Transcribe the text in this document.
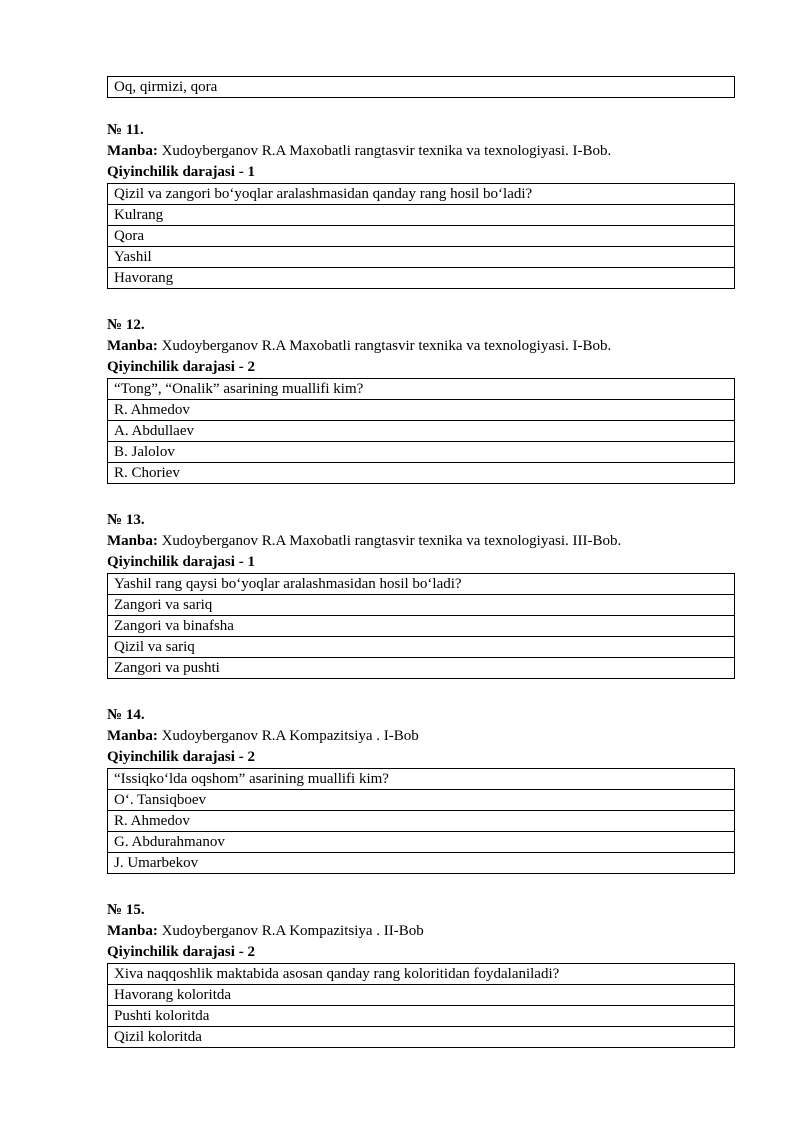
Oq, qirmizi, qora
№ 11.
Manba: Xudoyberganov R.A Maxobatli rangtasvir texnika va texnologiyasi. I-Bob.
Qiyinchilik darajasi - 1
Qizil va zangori bo‘yoqlar aralashmasidan qanday rang hosil bo‘ladi?
Kulrang
Qora
Yashil
Havorang
№ 12.
Manba: Xudoyberganov R.A Maxobatli rangtasvir texnika va texnologiyasi. I-Bob.
Qiyinchilik darajasi - 2
“Tong”, “Onalik” asarining muallifi kim?
R. Ahmedov
A. Abdullaev
B. Jalolov
R. Choriev
№ 13.
Manba: Xudoyberganov R.A Maxobatli rangtasvir texnika va texnologiyasi. III-Bob.
Qiyinchilik darajasi - 1
Yashil rang qaysi bo‘yoqlar aralashmasidan hosil bo‘ladi?
Zangori va sariq
Zangori va binafsha
Qizil va sariq
Zangori va pushti
№ 14.
Manba: Xudoyberganov R.A Kompazitsiya . I-Bob
Qiyinchilik darajasi - 2
“Issiqko‘lda oqshom” asarining muallifi kim?
O‘. Tansiqboev
R. Ahmedov
G. Abdurahmanov
J. Umarbekov
№ 15.
Manba: Xudoyberganov R.A Kompazitsiya . II-Bob
Qiyinchilik darajasi - 2
Xiva naqqoshlik maktabida asosan qanday rang koloritidan foydalaniladi?
Havorang koloritda
Pushti koloritda
Qizil koloritda
